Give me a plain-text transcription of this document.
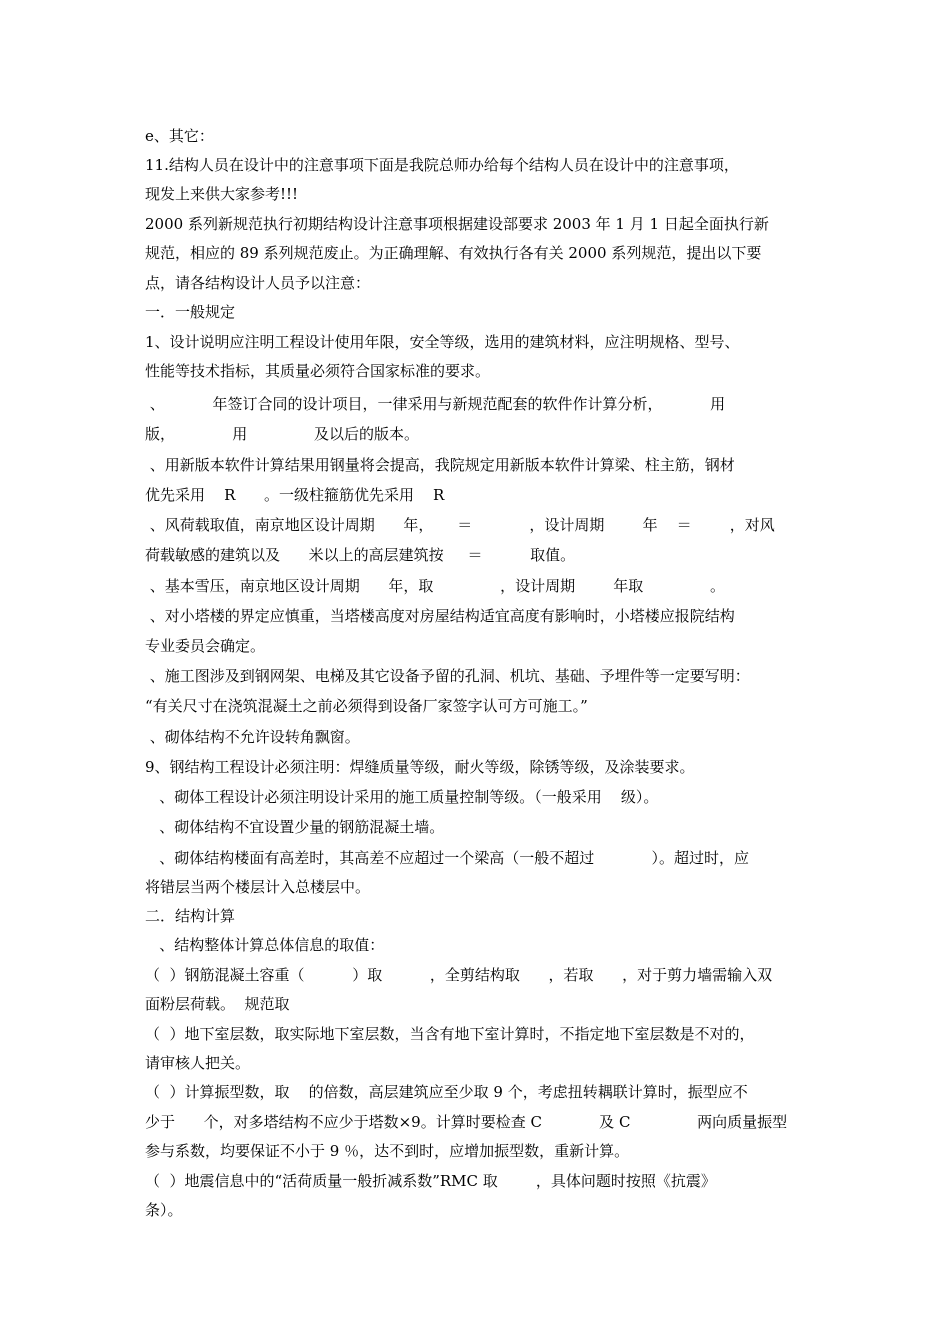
e、其它：
11.结构人员在设计中的注意事项下面是我院总师办给每个结构人员在设计中的注意事项，
现发上来供大家参考!!!
2000 系列新规范执行初期结构设计注意事项根据建设部要求 2003 年 1 月 1 日起全面执行新
规范，相应的 89 系列规范废止。为正确理解、有效执行各有关 2000 系列规范，提出以下要
点，请各结构设计人员予以注意：
一．一般规定
1、设计说明应注明工程设计使用年限，安全等级，选用的建筑材料，应注明规格、型号、
性能等技术指标，其质量必须符合国家标准的要求。
、          年签订合同的设计项目，一律采用与新规范配套的软件作计算分析，          用
版，            用              及以后的版本。
、用新版本软件计算结果用钢量将会提高，我院规定用新版本软件计算梁、柱主筋，钢材
优先采用    R      。一级柱箍筋优先采用    R
、风荷载取值，南京地区设计周期      年，     ＝            ，设计周期        年    ＝        ，对风
荷载敏感的建筑以及      米以上的高层建筑按     ＝          取值。
、基本雪压，南京地区设计周期      年，取              ，设计周期        年取              。
、对小塔楼的界定应慎重，当塔楼高度对房屋结构适宜高度有影响时，小塔楼应报院结构
专业委员会确定。
、施工图涉及到钢网架、电梯及其它设备予留的孔洞、机坑、基础、予埋件等一定要写明：
“有关尺寸在浇筑混凝土之前必须得到设备厂家签字认可方可施工。”
、砌体结构不允许设转角飘窗。
9、钢结构工程设计必须注明：焊缝质量等级，耐火等级，除锈等级，及涂装要求。
、砌体工程设计必须注明设计采用的施工质量控制等级。（一般采用    级）。
、砌体结构不宜设置少量的钢筋混凝土墙。
、砌体结构楼面有高差时，其高差不应超过一个梁高（一般不超过            ）。超过时，应
将错层当两个楼层计入总楼层中。
二．结构计算
、结构整体计算总体信息的取值：
（  ）钢筋混凝土容重（          ）取          ，全剪结构取      ，若取      ，对于剪力墙需输入双
面粉层荷载。  规范取
（  ）地下室层数，取实际地下室层数，当含有地下室计算时，不指定地下室层数是不对的，
请审核人把关。
（  ）计算振型数，取    的倍数，高层建筑应至少取 9 个，考虑扭转耦联计算时，振型应不
少于      个，对多塔结构不应少于塔数×9。计算时要检查 C            及 C              两向质量振型
参与系数，均要保证不小于 9 ％，达不到时，应增加振型数，重新计算。
（  ）地震信息中的“活荷质量一般折减系数”RMC 取        ，具体问题时按照《抗震》
条）。
